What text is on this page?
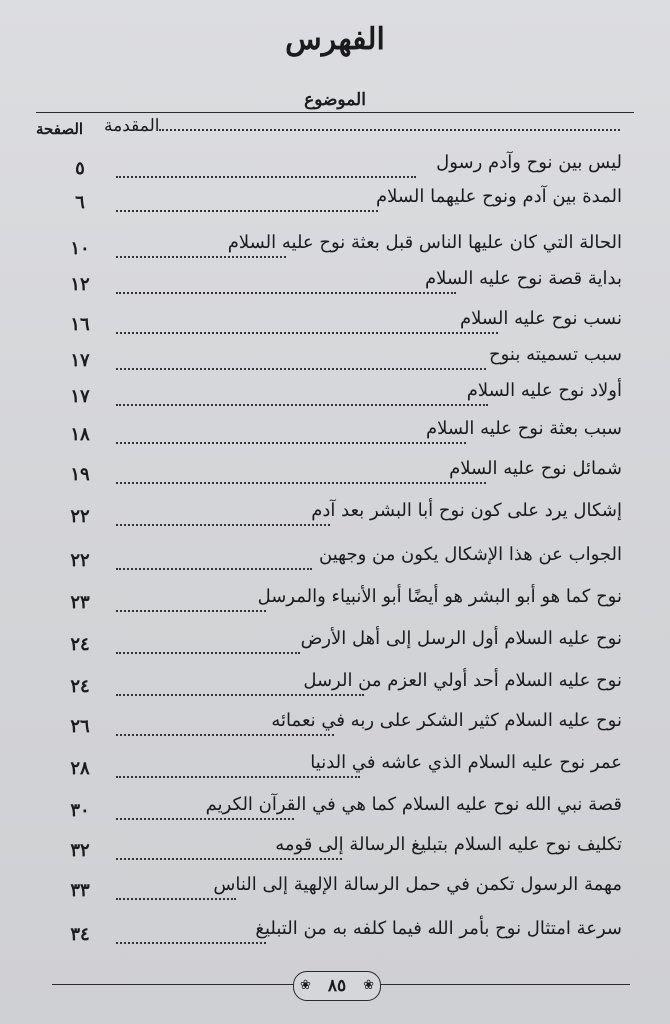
الفهرس
الموضوع
الصفحة المقدمة
ليس بين نوح وآدم رسول
٥
المدة بين آدم ونوح عليهما السلام
٦
الحالة التي كان عليها الناس قبل بعثة نوح عليه السلام
١٠
بداية قصة نوح عليه السلام
١٢
نسب نوح عليه السلام
١٦
سبب تسميته بنوح
١٧
أولاد نوح عليه السلام
١٧
سبب بعثة نوح عليه السلام
١٨
شمائل نوح عليه السلام
١٩
إشكال يرد على كون نوح أبا البشر بعد آدم
٢٢
الجواب عن هذا الإشكال يكون من وجهين
٢٢
نوح كما هو أبو البشر هو أيضًا أبو الأنبياء والمرسل
٢٣
نوح عليه السلام أول الرسل إلى أهل الأرض
٢٤
نوح عليه السلام أحد أولي العزم من الرسل
٢٤
نوح عليه السلام كثير الشكر على ربه في نعمائه
٢٦
عمر نوح عليه السلام الذي عاشه في الدنيا
٢٨
قصة نبي الله نوح عليه السلام كما هي في القرآن الكريم
٣٠
تكليف نوح عليه السلام بتبليغ الرسالة إلى قومه
٣٢
مهمة الرسول تكمن في حمل الرسالة الإلهية إلى الناس
٣٣
سرعة امتثال نوح بأمر الله فيما كلفه به من التبليغ
٣٤
❀ ٨٥ ❀
